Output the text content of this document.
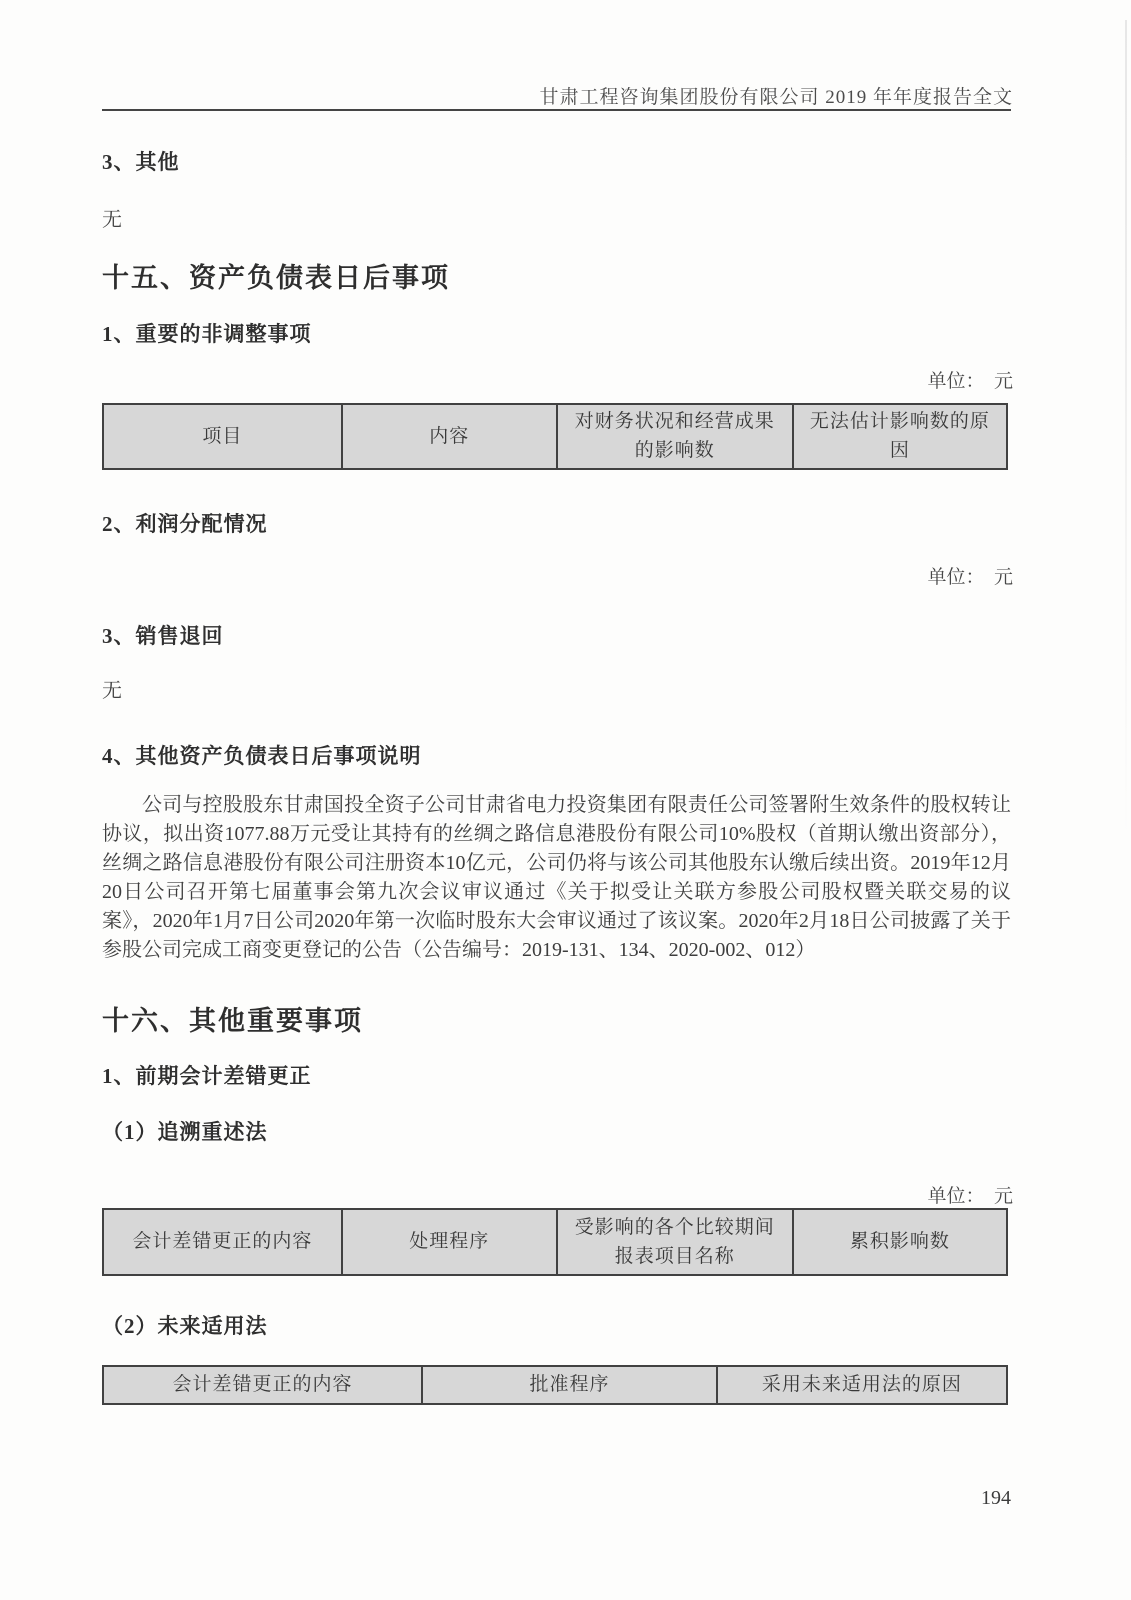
甘肃工程咨询集团股份有限公司 2019 年年度报告全文
3、其他
无
十五、资产负债表日后事项
1、重要的非调整事项
单位：　元
项目	内容	对财务状况和经营成果的影响数	无法估计影响数的原因
2、利润分配情况
单位：　元
3、销售退回
无
4、其他资产负债表日后事项说明
公司与控股股东甘肃国投全资子公司甘肃省电力投资集团有限责任公司签署附生效条件的股权转让协议，拟出资1077.88万元受让其持有的丝绸之路信息港股份有限公司10%股权（首期认缴出资部分），丝绸之路信息港股份有限公司注册资本10亿元，公司仍将与该公司其他股东认缴后续出资。2019年12月20日公司召开第七届董事会第九次会议审议通过《关于拟受让关联方参股公司股权暨关联交易的议案》，2020年1月7日公司2020年第一次临时股东大会审议通过了该议案。2020年2月18日公司披露了关于参股公司完成工商变更登记的公告（公告编号：2019-131、134、2020-002、012）
十六、其他重要事项
1、前期会计差错更正
（1）追溯重述法
单位：　元
会计差错更正的内容	处理程序	受影响的各个比较期间报表项目名称	累积影响数
（2）未来适用法
会计差错更正的内容	批准程序	采用未来适用法的原因
194
